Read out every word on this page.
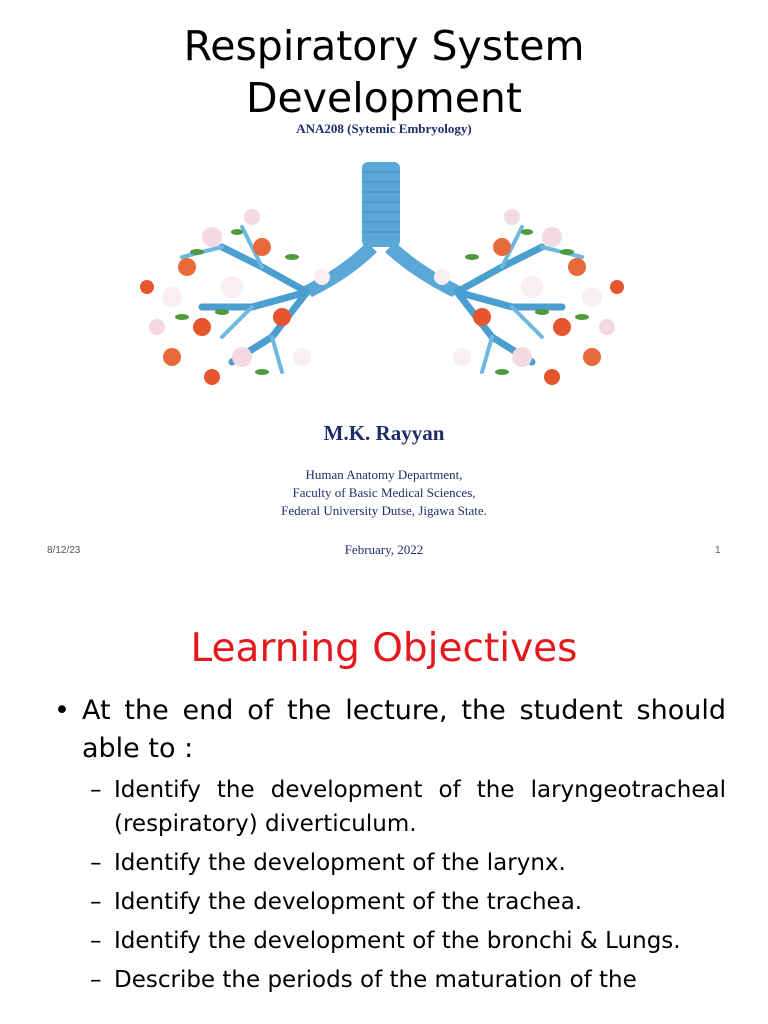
Respiratory System
Development
ANA208 (Sytemic Embryology)
M.K. Rayyan
Human Anatomy Department,
Faculty of Basic Medical Sciences,
Federal University Dutse, Jigawa State.
8/12/23	February, 2022	1
Learning Objectives
• At the end of the lecture, the student should able to :
– Identify the development of the laryngeotracheal (respiratory) diverticulum.
– Identify the development of the larynx.
– Identify the development of the trachea.
– Identify the development of the bronchi & Lungs.
– Describe the periods of the maturation of the
